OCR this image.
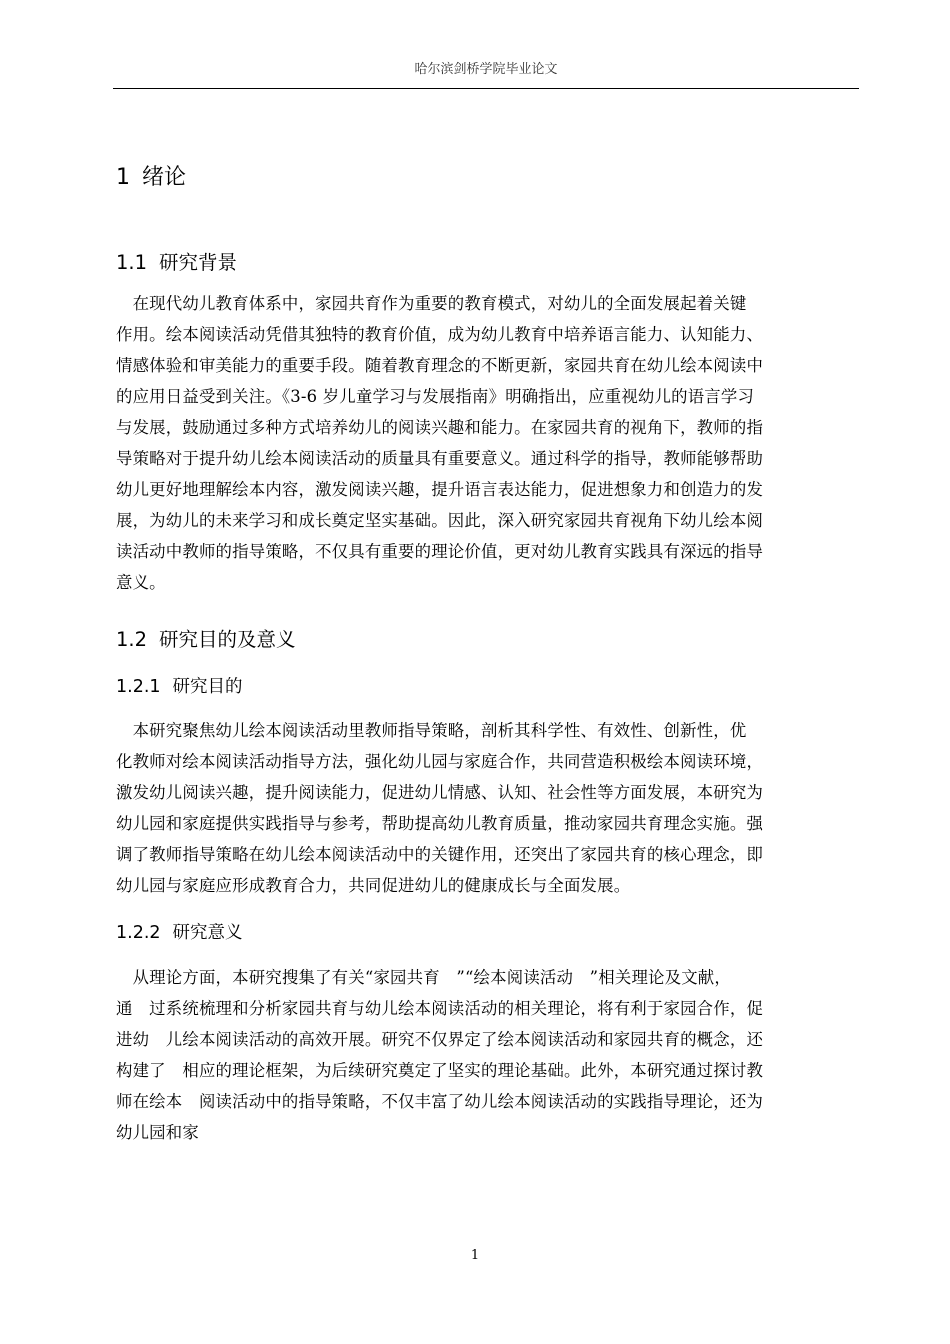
哈尔滨剑桥学院毕业论文
1 绪论
1.1 研究背景
　在现代幼儿教育体系中，家园共育作为重要的教育模式，对幼儿的全面发展起着关键
作用。绘本阅读活动凭借其独特的教育价值，成为幼儿教育中培养语言能力、认知能力、
情感体验和审美能力的重要手段。随着教育理念的不断更新，家园共育在幼儿绘本阅读中
的应用日益受到关注。《3-6 岁儿童学习与发展指南》明确指出，应重视幼儿的语言学习
与发展，鼓励通过多种方式培养幼儿的阅读兴趣和能力。在家园共育的视角下，教师的指
导策略对于提升幼儿绘本阅读活动的质量具有重要意义。通过科学的指导，教师能够帮助
幼儿更好地理解绘本内容，激发阅读兴趣，提升语言表达能力，促进想象力和创造力的发
展，为幼儿的未来学习和成长奠定坚实基础。因此，深入研究家园共育视角下幼儿绘本阅
读活动中教师的指导策略，不仅具有重要的理论价值，更对幼儿教育实践具有深远的指导
意义。
1.2 研究目的及意义
1.2.1 研究目的
　本研究聚焦幼儿绘本阅读活动里教师指导策略，剖析其科学性、有效性、创新性，优
化教师对绘本阅读活动指导方法，强化幼儿园与家庭合作，共同营造积极绘本阅读环境，
激发幼儿阅读兴趣，提升阅读能力，促进幼儿情感、认知、社会性等方面发展，本研究为
幼儿园和家庭提供实践指导与参考，帮助提高幼儿教育质量，推动家园共育理念实施。强
调了教师指导策略在幼儿绘本阅读活动中的关键作用，还突出了家园共育的核心理念，即
幼儿园与家庭应形成教育合力，共同促进幼儿的健康成长与全面发展。
1.2.2 研究意义
　从理论方面，本研究搜集了有关“家园共育　”“绘本阅读活动　”相关理论及文献，
通　过系统梳理和分析家园共育与幼儿绘本阅读活动的相关理论，将有利于家园合作，促
进幼　儿绘本阅读活动的高效开展。研究不仅界定了绘本阅读活动和家园共育的概念，还
构建了　相应的理论框架，为后续研究奠定了坚实的理论基础。此外，本研究通过探讨教
师在绘本　阅读活动中的指导策略，不仅丰富了幼儿绘本阅读活动的实践指导理论，还为
幼儿园和家
1
